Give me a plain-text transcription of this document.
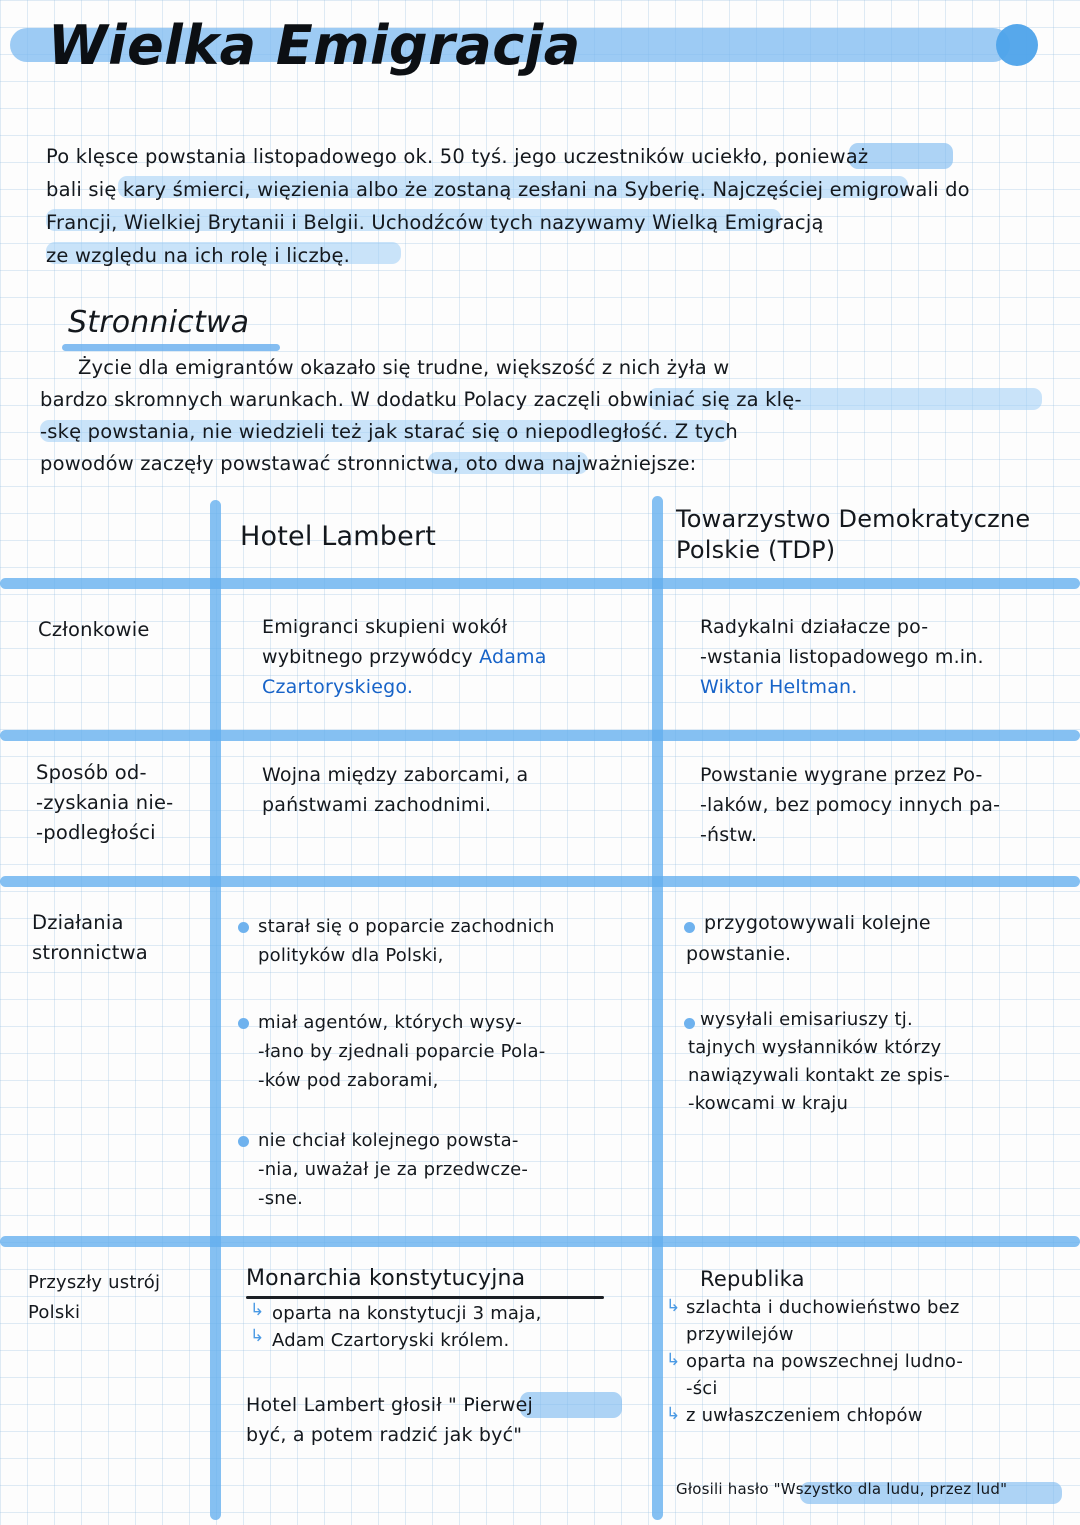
Wielka Emigracja
Po klęsce powstania listopadowego ok. 50 tyś. jego uczestników uciekło, ponieważ
bali się kary śmierci, więzienia albo że zostaną zesłani na Syberię. Najczęściej emigrowali do
Francji, Wielkiej Brytanii i Belgii. Uchodźców tych nazywamy Wielką Emigracją
ze względu na ich rolę i liczbę.
Stronnictwa
Życie dla emigrantów okazało się trudne, większość z nich żyła w
bardzo skromnych warunkach. W dodatku Polacy zaczęli obwiniać się za klę-
-skę powstania, nie wiedzieli też jak starać się o niepodległość. Z tych
powodów zaczęły powstawać stronnictwa, oto dwa najważniejsze:
Hotel Lambert
Towarzystwo Demokratyczne
Polskie (TDP)
Członkowie	Emigranci skupieni wokół
wybitnego przywódcy Adama
Czartoryskiego.
Radykalni działacze po-
-wstania listopadowego m.in.
Wiktor Heltman.
Sposób od-
-zyskania nie-
-podległości
Wojna między zaborcami, a
państwami zachodnimi.
Powstanie wygrane przez Po-
-laków, bez pomocy innych pa-
-ństw.
Działania
stronnictwa
starał się o poparcie zachodnich
polityków dla Polski,
miał agentów, których wysy-
-łano by zjednali poparcie Pola-
-ków pod zaborami,
nie chciał kolejnego powsta-
-nia, uważał je za przedwcze-
-sne.
przygotowywali kolejne
powstanie.
wysyłali emisariuszy tj.
tajnych wysłanników którzy
nawiązywali kontakt ze spis-
-kowcami w kraju
Przyszły ustrój
Polski
Monarchia konstytucyjna
↳
↳
oparta na konstytucji 3 maja,
Adam Czartoryski królem.
Hotel Lambert głosił " Pierwej
być, a potem radzić jak być"
Republika
↳
↳
↳
szlachta i duchowieństwo bez
przywilejów
oparta na powszechnej ludno-
-ści
z uwłaszczeniem chłopów
Głosili hasło "Wszystko dla ludu, przez lud"
